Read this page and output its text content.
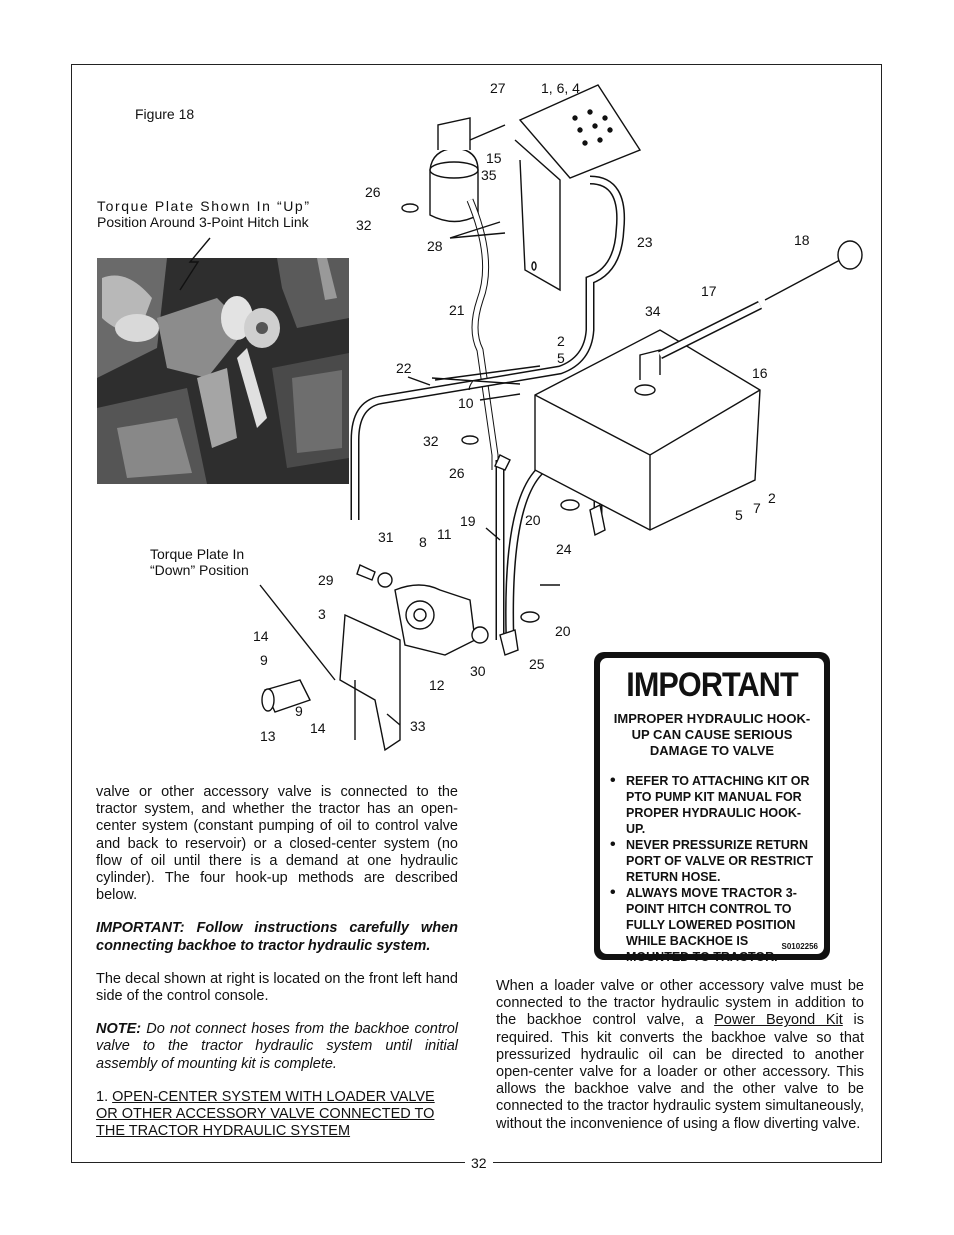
Figure 18
Torque Plate Shown In “Up”
Position Around 3-Point Hitch Link
Torque Plate In
“Down” Position
27	1, 6, 4
15
35
26
32
28	23	18
17
21	34
2
5
16
22
7
10
32
26
5 7
2
19	20
24
31 8 11
29
3
20
14
9
30	25
12
9
13 14	33

valve or other accessory valve is connected to the tractor system, and whether the tractor has an open-center system (constant pumping of oil to control valve and back to reservoir) or a closed-center system (no flow of oil until there is a demand at one hydraulic cylinder). The four hook-up methods are described below.

IMPORTANT: Follow instructions carefully when connecting backhoe to tractor hydraulic system.

The decal shown at right is located on the front left hand side of the control console.

NOTE: Do not connect hoses from the backhoe control valve to the tractor hydraulic system until initial assembly of mounting kit is complete.

1. OPEN-CENTER SYSTEM WITH LOADER VALVE OR OTHER ACCESSORY VALVE CONNECTED TO THE TRACTOR HYDRAULIC SYSTEM

IMPORTANT
IMPROPER HYDRAULIC HOOK-UP CAN CAUSE SERIOUS DAMAGE TO VALVE
• REFER TO ATTACHING KIT OR PTO PUMP KIT MANUAL FOR PROPER HYDRAULIC HOOK-UP.
• NEVER PRESSURIZE RETURN PORT OF VALVE OR RESTRICT RETURN HOSE.
• ALWAYS MOVE TRACTOR 3-POINT HITCH CONTROL TO FULLY LOWERED POSITION WHILE BACKHOE IS MOUNTED TO TRACTOR.
S0102256

When a loader valve or other accessory valve must be connected to the tractor hydraulic system in addition to the backhoe control valve, a Power Beyond Kit is required. This kit converts the backhoe valve so that pressurized hydraulic oil can be directed to another open-center valve for a loader or other accessory. This allows the backhoe valve and the other valve to be connected to the tractor hydraulic system simultaneously, without the inconvenience of using a flow diverting valve.

32
